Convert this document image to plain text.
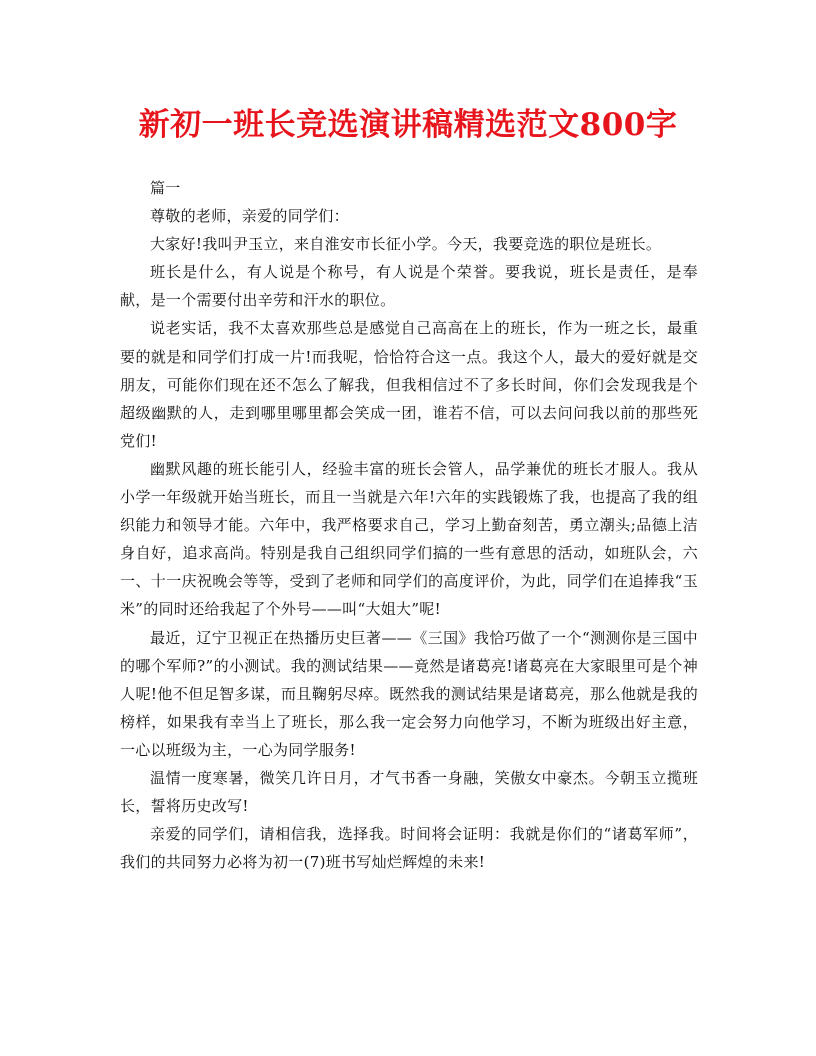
新初一班长竞选演讲稿精选范文800字

篇一

尊敬的老师，亲爱的同学们：

大家好!我叫尹玉立，来自淮安市长征小学。今天，我要竞选的职位是班长。

班长是什么，有人说是个称号，有人说是个荣誉。要我说，班长是责任，是奉献，是一个需要付出辛劳和汗水的职位。

说老实话，我不太喜欢那些总是感觉自己高高在上的班长，作为一班之长，最重要的就是和同学们打成一片!而我呢，恰恰符合这一点。我这个人，最大的爱好就是交朋友，可能你们现在还不怎么了解我，但我相信过不了多长时间，你们会发现我是个超级幽默的人，走到哪里哪里都会笑成一团，谁若不信，可以去问问我以前的那些死党们!

幽默风趣的班长能引人，经验丰富的班长会管人，品学兼优的班长才服人。我从小学一年级就开始当班长，而且一当就是六年!六年的实践锻炼了我，也提高了我的组织能力和领导才能。六年中，我严格要求自己，学习上勤奋刻苦，勇立潮头;品德上洁身自好，追求高尚。特别是我自己组织同学们搞的一些有意思的活动，如班队会，六一、十一庆祝晚会等等，受到了老师和同学们的高度评价，为此，同学们在追捧我“玉米”的同时还给我起了个外号——叫“大姐大”呢!

最近，辽宁卫视正在热播历史巨著——《三国》我恰巧做了一个“测测你是三国中的哪个军师?”的小测试。我的测试结果——竟然是诸葛亮!诸葛亮在大家眼里可是个神人呢!他不但足智多谋，而且鞠躬尽瘁。既然我的测试结果是诸葛亮，那么他就是我的榜样，如果我有幸当上了班长，那么我一定会努力向他学习，不断为班级出好主意，一心以班级为主，一心为同学服务!

温情一度寒暑，微笑几许日月，才气书香一身融，笑傲女中豪杰。今朝玉立揽班长，誓将历史改写!

亲爱的同学们，请相信我，选择我。时间将会证明：我就是你们的“诸葛军师”，我们的共同努力必将为初一(7)班书写灿烂辉煌的未来!
